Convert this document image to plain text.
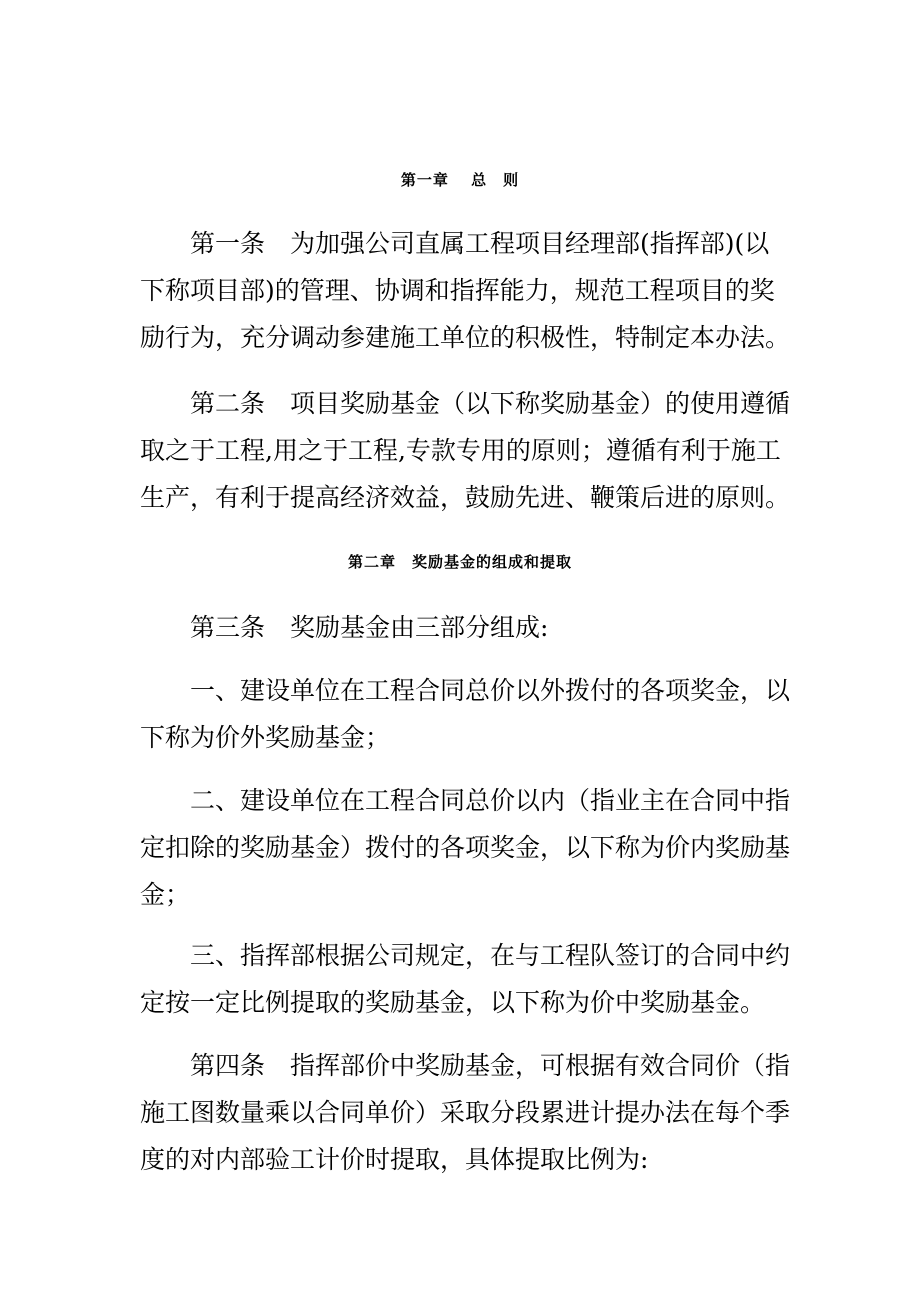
第一章　 总　则
第一条　为加强公司直属工程项目经理部(指挥部)(以
下称项目部)的管理、协调和指挥能力，规范工程项目的奖
励行为，充分调动参建施工单位的积极性，特制定本办法。
第二条　项目奖励基金（以下称奖励基金）的使用遵循
取之于工程,用之于工程,专款专用的原则；遵循有利于施工
生产，有利于提高经济效益，鼓励先进、鞭策后进的原则。
第二章　奖励基金的组成和提取
第三条　奖励基金由三部分组成:
一、建设单位在工程合同总价以外拨付的各项奖金，以
下称为价外奖励基金；
二、建设单位在工程合同总价以内（指业主在合同中指
定扣除的奖励基金）拨付的各项奖金，以下称为价内奖励基
金；
三、指挥部根据公司规定，在与工程队签订的合同中约
定按一定比例提取的奖励基金，以下称为价中奖励基金。
第四条　指挥部价中奖励基金，可根据有效合同价（指
施工图数量乘以合同单价）采取分段累进计提办法在每个季
度的对内部验工计价时提取，具体提取比例为:
